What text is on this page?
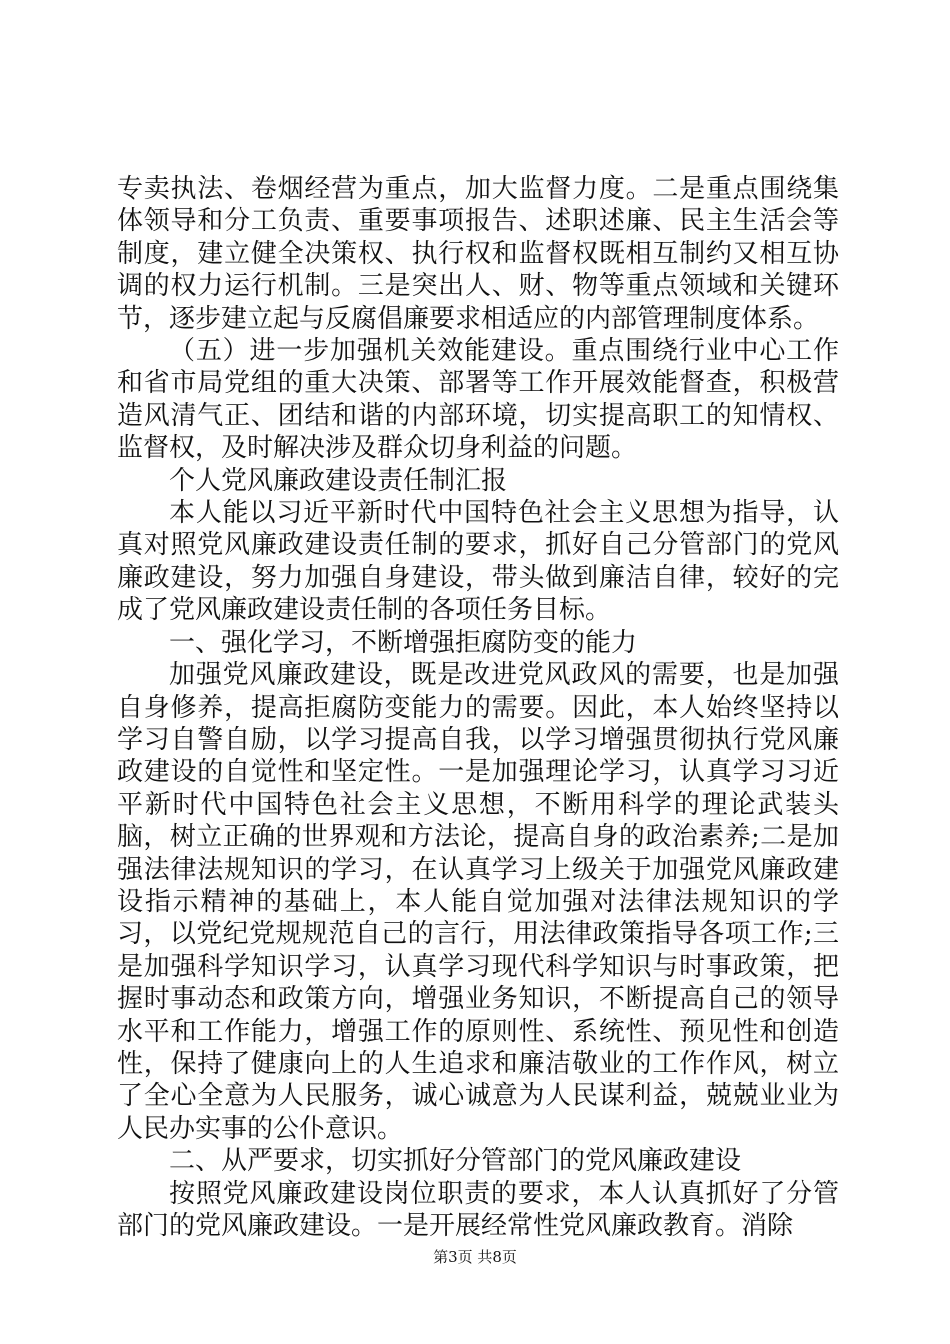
专卖执法、卷烟经营为重点，加大监督力度。二是重点围绕集体领导和分工负责、重要事项报告、述职述廉、民主生活会等制度，建立健全决策权、执行权和监督权既相互制约又相互协调的权力运行机制。三是突出人、财、物等重点领域和关键环节，逐步建立起与反腐倡廉要求相适应的内部管理制度体系。

（五）进一步加强机关效能建设。重点围绕行业中心工作和省市局党组的重大决策、部署等工作开展效能督查，积极营造风清气正、团结和谐的内部环境，切实提高职工的知情权、监督权，及时解决涉及群众切身利益的问题。

个人党风廉政建设责任制汇报

本人能以习近平新时代中国特色社会主义思想为指导，认真对照党风廉政建设责任制的要求，抓好自己分管部门的党风廉政建设，努力加强自身建设，带头做到廉洁自律，较好的完成了党风廉政建设责任制的各项任务目标。

一、强化学习，不断增强拒腐防变的能力

加强党风廉政建设，既是改进党风政风的需要，也是加强自身修养，提高拒腐防变能力的需要。因此，本人始终坚持以学习自警自励，以学习提高自我，以学习增强贯彻执行党风廉政建设的自觉性和坚定性。一是加强理论学习，认真学习习近平新时代中国特色社会主义思想，不断用科学的理论武装头脑，树立正确的世界观和方法论，提高自身的政治素养;二是加强法律法规知识的学习，在认真学习上级关于加强党风廉政建设指示精神的基础上，本人能自觉加强对法律法规知识的学习，以党纪党规规范自己的言行，用法律政策指导各项工作;三是加强科学知识学习，认真学习现代科学知识与时事政策，把握时事动态和政策方向，增强业务知识，不断提高自己的领导水平和工作能力，增强工作的原则性、系统性、预见性和创造性，保持了健康向上的人生追求和廉洁敬业的工作作风，树立了全心全意为人民服务，诚心诚意为人民谋利益，兢兢业业为人民办实事的公仆意识。

二、从严要求，切实抓好分管部门的党风廉政建设

按照党风廉政建设岗位职责的要求，本人认真抓好了分管部门的党风廉政建设。一是开展经常性党风廉政教育。消除

第3页 共8页
